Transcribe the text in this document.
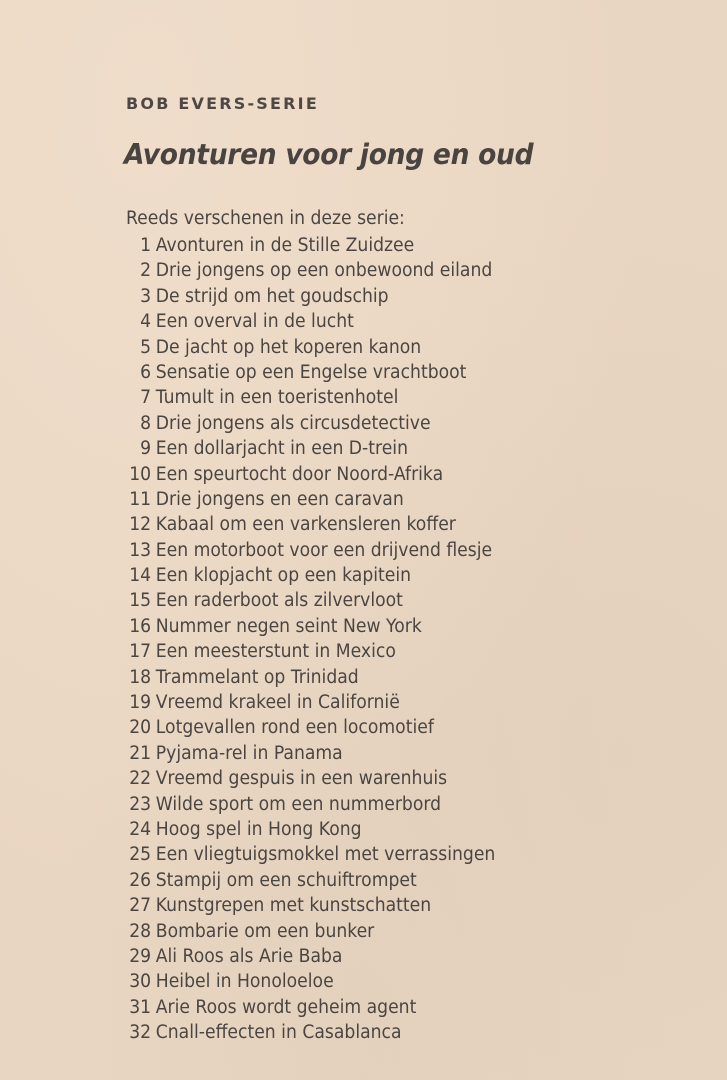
BOB EVERS-SERIE
Avonturen voor jong en oud

Reeds verschenen in deze serie:

1 Avonturen in de Stille Zuidzee
2 Drie jongens op een onbewoond eiland
3 De strijd om het goudschip
4 Een overval in de lucht
5 De jacht op het koperen kanon
6 Sensatie op een Engelse vrachtboot
7 Tumult in een toeristenhotel
8 Drie jongens als circusdetective
9 Een dollarjacht in een D-trein
10 Een speurtocht door Noord-Afrika
11 Drie jongens en een caravan
12 Kabaal om een varkensleren koffer
13 Een motorboot voor een drijvend flesje
14 Een klopjacht op een kapitein
15 Een raderboot als zilvervloot
16 Nummer negen seint New York
17 Een meesterstunt in Mexico
18 Trammelant op Trinidad
19 Vreemd krakeel in Californië
20 Lotgevallen rond een locomotief
21 Pyjama-rel in Panama
22 Vreemd gespuis in een warenhuis
23 Wilde sport om een nummerbord
24 Hoog spel in Hong Kong
25 Een vliegtuigsmokkel met verrassingen
26 Stampij om een schuiftrompet
27 Kunstgrepen met kunstschatten
28 Bombarie om een bunker
29 Ali Roos als Arie Baba
30 Heibel in Honoloeloe
31 Arie Roos wordt geheim agent
32 Cnall-effecten in Casablanca
